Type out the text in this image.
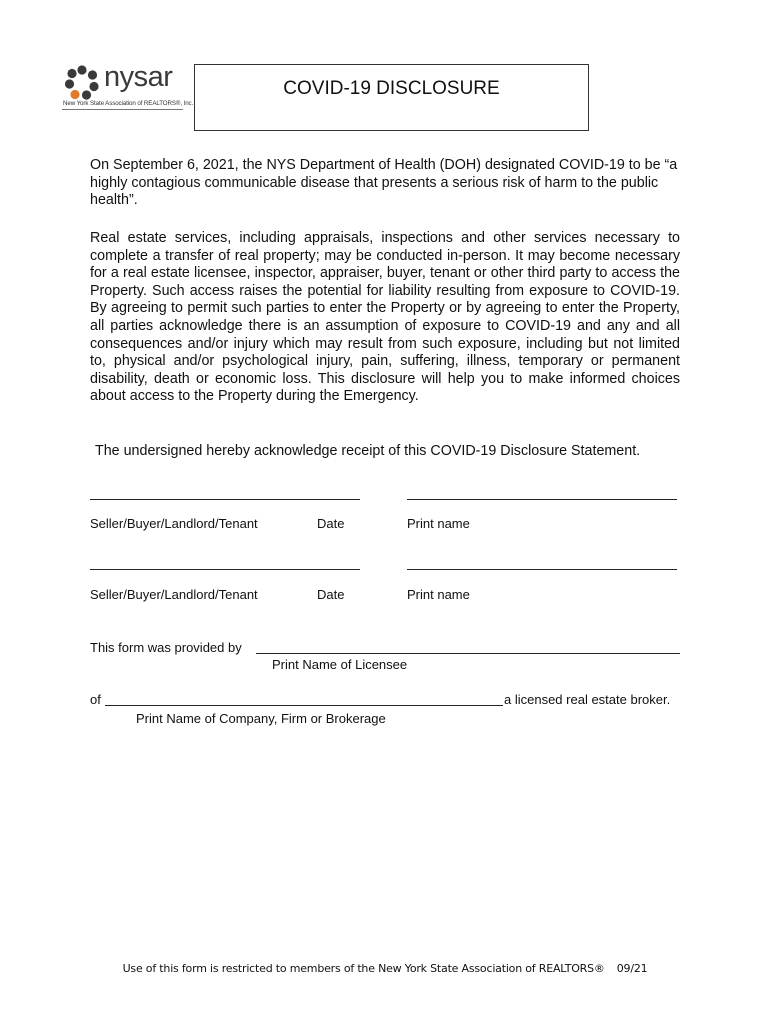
nysar
New York State Association of REALTORS®, Inc.
COVID-19 DISCLOSURE
On September 6, 2021, the NYS Department of Health (DOH) designated COVID-19 to be “a highly contagious communicable disease that presents a serious risk of harm to the public health”.
Real estate services, including appraisals, inspections and other services necessary to complete a transfer of real property; may be conducted in-person. It may become necessary for a real estate licensee, inspector, appraiser, buyer, tenant or other third party to access the Property. Such access raises the potential for liability resulting from exposure to COVID-19. By agreeing to permit such parties to enter the Property or by agreeing to enter the Property, all parties acknowledge there is an assumption of exposure to COVID-19 and any and all consequences and/or injury which may result from such exposure, including but not limited to, physical and/or psychological injury, pain, suffering, illness, temporary or permanent disability, death or economic loss. This disclosure will help you to make informed choices about access to the Property during the Emergency.
The undersigned hereby acknowledge receipt of this COVID-19 Disclosure Statement.
Seller/Buyer/Landlord/Tenant	Date	Print name
Seller/Buyer/Landlord/Tenant	Date	Print name
This form was provided by
Print Name of Licensee
of	a licensed real estate broker.
Print Name of Company, Firm or Brokerage
Use of this form is restricted to members of the New York State Association of REALTORS® 09/21
